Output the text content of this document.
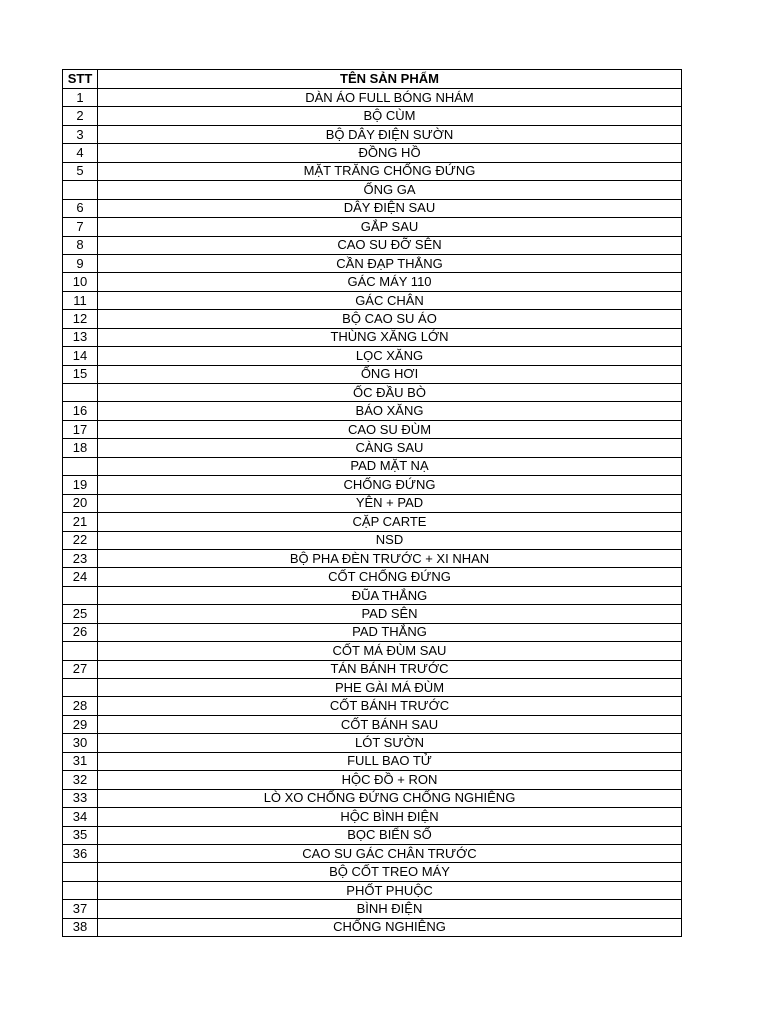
STT	TÊN SẢN PHẨM
1	DÀN ÁO FULL BÓNG NHÁM
2	BỘ CÙM
3	BỘ DÂY ĐIỆN SƯỜN
4	ĐỒNG HỒ
5	MẶT TRĂNG CHỐNG ĐỨNG
	ỐNG GA
6	DÂY ĐIỆN SAU
7	GẮP SAU
8	CAO SU ĐỠ SÊN
9	CẦN ĐẠP THẲNG
10	GÁC MÁY 110
11	GÁC CHÂN
12	BỘ CAO SU ÁO
13	THÙNG XĂNG LỚN
14	LỌC XĂNG
15	ỐNG HƠI
	ỐC ĐẦU BÒ
16	BÁO XĂNG
17	CAO SU ĐÙM
18	CÀNG SAU
	PAD MẶT NẠ
19	CHỐNG ĐỨNG
20	YÊN + PAD
21	CẶP CARTE
22	NSD
23	BỘ PHA ĐÈN TRƯỚC + XI NHAN
24	CỐT CHỐNG ĐỨNG
	ĐŨA THẮNG
25	PAD SÊN
26	PAD THẮNG
	CỐT MÁ ĐÙM SAU
27	TÁN BÁNH TRƯỚC
	PHE GÀI MÁ ĐÙM
28	CỐT BÁNH TRƯỚC
29	CỐT BÁNH SAU
30	LÓT SƯỜN
31	FULL BAO TỬ
32	HỘC ĐỒ + RON
33	LÒ XO CHỐNG ĐỨNG CHỐNG NGHIÊNG
34	HỘC BÌNH ĐIỆN
35	BỌC BIỂN SỐ
36	CAO SU GÁC CHÂN TRƯỚC
	BỘ CỐT TREO MÁY
	PHỐT PHUỘC
37	BÌNH ĐIỆN
38	CHỐNG NGHIÊNG
